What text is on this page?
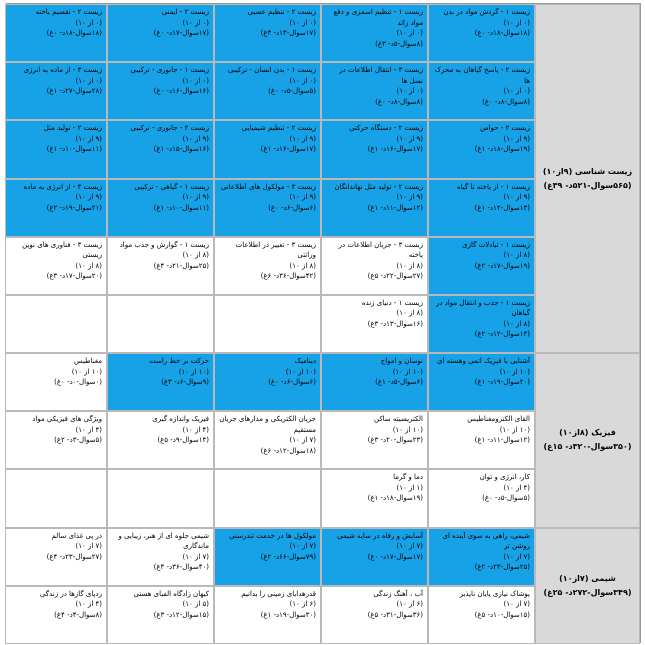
زیست شناسی (۹از۱۰)(۵۶۵سوال-۵۲۱د- ۳۹غ)
فیزیک (۸از۱۰)(۳۵۰سوال-۳۲۰د- ۱۵غ)
شیمی (۷از۱۰)(۳۴۹سوال-۲۷۲د- ۲۵غ)
زیست ۱ - گردش مواد در بدن
(۰ از ۱۰)
(۱۸سوال-۱۸د- ۰غ)
زیست ۱ - تنظیم اسمزی و دفع مواد زائد
(۰ از ۱۰)
(۸سوال-۵د- ۳غ)
زیست ۲ - تنظیم عصبی
(۰ از ۱۰)
(۱۷سوال-۱۳د- ۴غ)
زیست ۲ - ایمنی
(۰ از ۱۰)
(۱۷سوال-۱۷د- ۰غ)
زیست ۲ - تقسیم یاخته
(۰ از ۱۰)
(۱۸سوال-۱۸د- ۰غ)
زیست ۲ - پاسخ گیاهان به محرک ها
(۰ از ۱۰)
(۸سوال-۸د- ۰غ)
زیست ۳ - انتقال اطلاعات در نسل ها
(۰ از ۱۰)
(۸سوال-۸د- ۰غ)
زیست ۱ - بدن انسان - ترکیبی
(۰ از ۱۰)
(۵سوال-۵د- ۰غ)
زیست ۱ - جانوری - ترکیبی
(۰ از ۱۰)
(۱۶سوال-۱۶د- ۰غ)
زیست ۳ - از ماده به انرژی
(۰ از ۱۰)
(۲۸سوال-۲۷د- ۱غ)
زیست ۲ - حواس
(۹ از ۱۰)
(۱۹سوال-۱۸د- ۱غ)
زیست ۲ - دستگاه حرکتی
(۹ از ۱۰)
(۱۷سوال-۱۶د- ۱غ)
زیست ۲ - تنظیم شیمیایی
(۹ از ۱۰)
(۱۷سوال-۱۶د- ۱غ)
زیست ۲ - جانوری - ترکیبی
(۹ از ۱۰)
(۱۶سوال-۱۵د- ۱غ)
زیست ۲ - تولید مثل
(۹ از ۱۰)
(۱۱سوال-۱۰د- ۱غ)
زیست ۱ - از یاخته تا گیاه
(۹ از ۱۰)
(۱۳سوال-۱۲د- ۱غ)
زیست ۲ - تولید مثل نهاندانگان
(۹ از ۱۰)
(۱۲سوال-۱۱د- ۱غ)
زیست ۳ - مولکول های اطلاعاتی
(۹ از ۱۰)
(۶سوال-۶د- ۰غ)
زیست ۱ - گیاهی - ترکیبی
(۹ از ۱۰)
(۱۱سوال-۱۰د- ۱غ)
زیست ۳ - از انرژی به ماده
(۹ از ۱۰)
(۲۱سوال-۱۹د- ۲غ)
زیست ۱ - تبادلات گازی
(۸ از ۱۰)
(۱۹سوال-۱۷د- ۲غ)
زیست ۳ - جریان اطلاعات در یاخته
(۸ از ۱۰)
(۲۷سوال-۲۲د- ۵غ)
زیست ۳ - تغییر در اطلاعات وراثتی
(۸ از ۱۰)
(۴۲سوال-۳۶د- ۶غ)
زیست ۱ - گوارش و جذب مواد
(۸ از ۱۰)
(۲۵سوال-۲۱د- ۴غ)
زیست ۳ - فناوری های نوین زیستی
(۸ از ۱۰)
(۲۰سوال-۱۷د- ۳غ)
زیست ۱ - جذب و انتقال مواد در گیاهان
(۸ از ۱۰)
(۱۴سوال-۱۲د- ۲غ)
زیست ۱ - دنیای زنده
(۸ از ۱۰)
(۱۶سوال-۱۳د- ۳غ)
آشنایی با فیزیک اتمی وهسته ای
(۱۰ از ۱۰)
(۲۰سوال-۱۹د- ۱غ)
نوسان و امواج
(۱۰ از ۱۰)
(۶سوال-۵د- ۱غ)
دینامیک
(۱۰ از ۱۰)
(۶سوال-۶د- ۰غ)
حرکت بر خط راست
(۱۰ از ۱۰)
(۹سوال-۶د- ۳غ)
مغناطیس
(۱۰ از ۱۰)
(۰سوال-۰د- ۰غ)
القای الکترومغناطیس
(۱۰ از ۱۰)
(۱۲سوال-۱۱د- ۱غ)
الکتریسیته ساکن
(۱۰ از ۱۰)
(۲۳سوال-۲۰د- ۳غ)
جریان الکتریکی و مدارهای جریان مستقیم
(۷ از ۱۰)
(۱۸سوال-۱۲د- ۶غ)
فیزیک واندازه گیری
(۴ از ۱۰)
(۱۴سوال-۹د- ۵غ)
ویژگی های فیزیکی مواد
(۴ از ۱۰)
(۵سوال-۳د- ۲غ)
کار، انرژی و توان
(۴ از ۱۰)
(۵سوال-۵د- ۰غ)
دما و گرما
(۱ از ۱۰)
(۱۹سوال-۱۸د- ۱غ)
شیمی، راهی به سوی آینده ای روشن تر
(۷ از ۱۰)
(۲۵سوال-۲۳د- ۲غ)
آسایش و رفاه در سایه شیمی
(۷ از ۱۰)
(۱۷سوال-۱۷د- ۰غ)
مولکول ها در خدمت تندرستی
(۷ از ۱۰)
(۷۹سوال-۶۶د- ۲غ)
شیمی جلوه ای از هنر، زیبایی و ماندگاری
(۷ از ۱۰)
(۴۰سوال-۳۶د- ۴غ)
در پی غذای سالم
(۷ از ۱۰)
(۲۷سوال-۲۳د- ۴غ)
پوشاک نیازی پایان ناپذیر
(۷ از ۱۰)
(۱۵سوال-۱۰د- ۵غ)
آب ، آهنگ زندگی
(۶ از ۱۰)
(۳۶سوال-۳۱د- ۵غ)
قدرهدایای زمینی را بدانیم
(۶ از ۱۰)
(۳۰سوال-۱۹د- ۱غ)
کیهان زادگاه الفبای هستی
(۵ از ۱۰)
(۱۵سوال-۱۲د- ۳غ)
ردپای گازها در زندگی
(۴ از ۱۰)
(۸سوال-۴د- ۴غ)
